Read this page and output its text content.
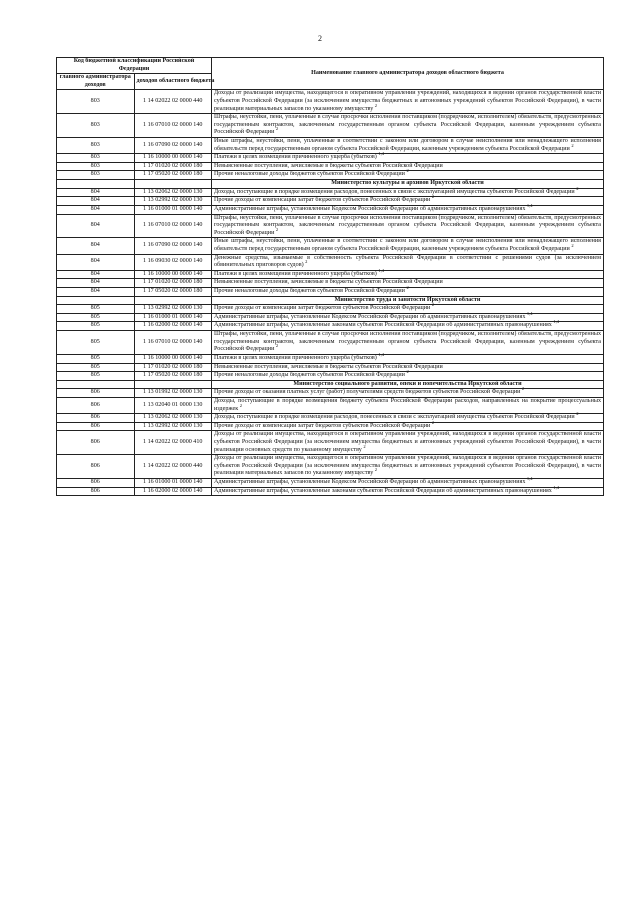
2
Код бюджетной классификации Российской Федерации		Наименование главного администратора доходов областного бюджета
главного администратора доходов	доходов областного бюджета	
803	1 14 02022 02 0000 440	Доходы от реализации имущества, находящегося в оперативном управлении учреждений, находящихся в ведении органов государственной власти субъектов Российской Федерации (за исключением имущества бюджетных и автономных учреждений субъектов Российской Федерации), в части реализации материальных запасов по указанному имуществу $^2$
803	1 16 07010 02 0000 140	Штрафы, неустойки, пени, уплаченные в случае просрочки исполнения поставщиком (подрядчиком, исполнителем) обязательств, предусмотренных государственным контрактом, заключенным государственным органом субъекта Российской Федерации, казенным учреждением субъекта Российской Федерации $^2$
803	1 16 07090 02 0000 140	Иные штрафы, неустойки, пени, уплаченные в соответствии с законом или договором в случае неисполнения или ненадлежащего исполнения обязательств перед государственным органом субъекта Российской Федерации, казенным учреждением субъекта Российской Федерации $^2$
803	1 16 10000 00 0000 140	Платежи в целях возмещения причиненного ущерба (убытков) $^{1,4}$
803	1 17 01020 02 0000 180	Невыясненные поступления, зачисляемые в бюджеты субъектов Российской Федерации
803	1 17 05020 02 0000 180	Прочие неналоговые доходы бюджетов субъектов Российской Федерации $^2$
		Министерство культуры и архивов Иркутской области
804	1 13 02062 02 0000 130	Доходы, поступающие в порядке возмещения расходов, понесенных в связи с эксплуатацией имущества субъектов Российской Федерации $^2$
804	1 13 02992 02 0000 130	Прочие доходы от компенсации затрат бюджетов субъектов Российской Федерации $^2$
804	1 16 01000 01 0000 140	Административные штрафы, установленные Кодексом Российской Федерации об административных правонарушениях $^{1,4}$
804	1 16 07010 02 0000 140	Штрафы, неустойки, пени, уплаченные в случае просрочки исполнения поставщиком (подрядчиком, исполнителем) обязательств, предусмотренных государственным контрактом, заключенным государственным органом субъекта Российской Федерации, казенным учреждением субъекта Российской Федерации $^2$
804	1 16 07090 02 0000 140	Иные штрафы, неустойки, пени, уплаченные в соответствии с законом или договором в случае неисполнения или ненадлежащего исполнения обязательств перед государственным органом субъекта Российской Федерации, казенным учреждением субъекта Российской Федерации $^2$
804	1 16 09030 02 0000 140	Денежные средства, изымаемые в собственность субъекта Российской Федерации в соответствии с решениями судов (за исключением обвинительных приговоров судов) $^2$
804	1 16 10000 00 0000 140	Платежи в целях возмещения причиненного ущерба (убытков) $^{1,4}$
804	1 17 01020 02 0000 180	Невыясненные поступления, зачисляемые в бюджеты субъектов Российской Федерации
804	1 17 05020 02 0000 180	Прочие неналоговые доходы бюджетов субъектов Российской Федерации $^2$
		Министерство труда и занятости Иркутской области
805	1 13 02992 02 0000 130	Прочие доходы от компенсации затрат бюджетов субъектов Российской Федерации $^2$
805	1 16 01000 01 0000 140	Административные штрафы, установленные Кодексом Российской Федерации об административных правонарушениях $^{1,4}$
805	1 16 02000 02 0000 140	Административные штрафы, установленные законами субъектов Российской Федерации об административных правонарушениях $^{1,4}$
805	1 16 07010 02 0000 140	Штрафы, неустойки, пени, уплаченные в случае просрочки исполнения поставщиком (подрядчиком, исполнителем) обязательств, предусмотренных государственным контрактом, заключенным государственным органом субъекта Российской Федерации, казенным учреждением субъекта Российской Федерации $^2$
805	1 16 10000 00 0000 140	Платежи в целях возмещения причиненного ущерба (убытков) $^{1,4}$
805	1 17 01020 02 0000 180	Невыясненные поступления, зачисляемые в бюджеты субъектов Российской Федерации
805	1 17 05020 02 0000 180	Прочие неналоговые доходы бюджетов субъектов Российской Федерации $^2$
		Министерство социального развития, опеки и попечительства Иркутской области
806	1 13 01992 02 0000 130	Прочие доходы от оказания платных услуг (работ) получателями средств бюджетов субъектов Российской Федерации $^2$
806	1 13 02040 01 0000 130	Доходы, поступающие в порядке возмещения бюджету субъекта Российской Федерации расходов, направленных на покрытие процессуальных издержек $^2$
806	1 13 02062 02 0000 130	Доходы, поступающие в порядке возмещения расходов, понесенных в связи с эксплуатацией имущества субъектов Российской Федерации $^2$
806	1 13 02992 02 0000 130	Прочие доходы от компенсации затрат бюджетов субъектов Российской Федерации $^2$
806	1 14 02022 02 0000 410	Доходы от реализации имущества, находящегося в оперативном управлении учреждений, находящихся в ведении органов государственной власти субъектов Российской Федерации (за исключением имущества бюджетных и автономных учреждений субъектов Российской Федерации), в части реализации основных средств по указанному имуществу $^2$
806	1 14 02022 02 0000 440	Доходы от реализации имущества, находящегося в оперативном управлении учреждений, находящихся в ведении органов государственной власти субъектов Российской Федерации (за исключением имущества бюджетных и автономных учреждений субъектов Российской Федерации), в части реализации материальных запасов по указанному имуществу $^2$
806	1 16 01000 01 0000 140	Административные штрафы, установленные Кодексом Российской Федерации об административных правонарушениях $^{1,4}$
806	1 16 02000 02 0000 140	Административные штрафы, установленные законами субъектов Российской Федерации об административных правонарушениях $^{1,4}$
